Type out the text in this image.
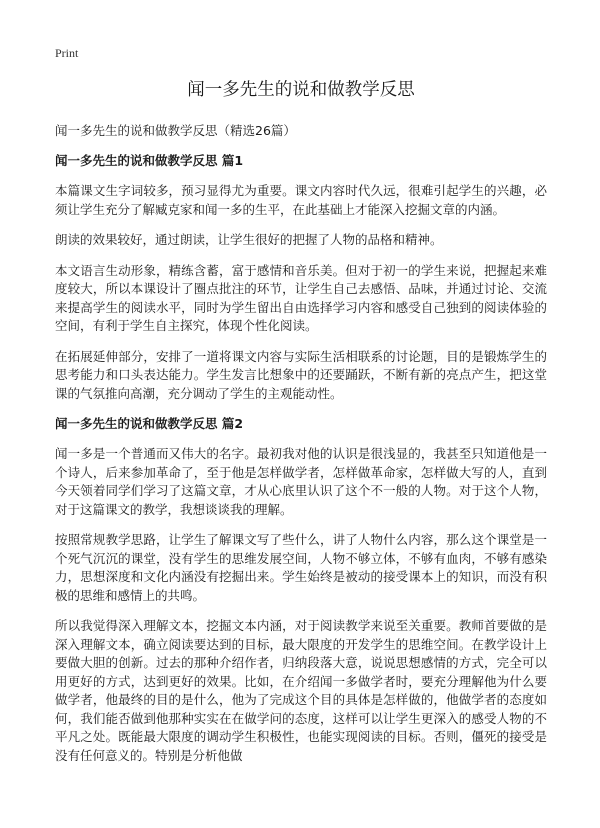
Print
闻一多先生的说和做教学反思
闻一多先生的说和做教学反思（精选26篇）
闻一多先生的说和做教学反思 篇1

本篇课文生字词较多，预习显得尤为重要。课文内容时代久远，很难引起学生的兴趣，必须让学生充分了解臧克家和闻一多的生平，在此基础上才能深入挖掘文章的内涵。

朗读的效果较好，通过朗读，让学生很好的把握了人物的品格和精神。

本文语言生动形象，精练含蓄，富于感情和音乐美。但对于初一的学生来说，把握起来难度较大，所以本课设计了圈点批注的环节，让学生自己去感悟、品味，并通过讨论、交流来提高学生的阅读水平，同时为学生留出自由选择学习内容和感受自己独到的阅读体验的空间，有利于学生自主探究，体现个性化阅读。

在拓展延伸部分，安排了一道将课文内容与实际生活相联系的讨论题，目的是锻炼学生的思考能力和口头表达能力。学生发言比想象中的还要踊跃，不断有新的亮点产生，把这堂课的气氛推向高潮，充分调动了学生的主观能动性。

闻一多先生的说和做教学反思 篇2

闻一多是一个普通而又伟大的名字。最初我对他的认识是很浅显的，我甚至只知道他是一个诗人，后来参加革命了，至于他是怎样做学者，怎样做革命家，怎样做大写的人，直到今天领着同学们学习了这篇文章，才从心底里认识了这个不一般的人物。对于这个人物，对于这篇课文的教学，我想谈谈我的理解。

按照常规教学思路，让学生了解课文写了些什么，讲了人物什么内容，那么这个课堂是一个死气沉沉的课堂，没有学生的思维发展空间，人物不够立体，不够有血肉，不够有感染力，思想深度和文化内涵没有挖掘出来。学生始终是被动的接受课本上的知识，而没有积极的思维和感情上的共鸣。

所以我觉得深入理解文本，挖掘文本内涵，对于阅读教学来说至关重要。教师首要做的是深入理解文本，确立阅读要达到的目标，最大限度的开发学生的思维空间。在教学设计上要做大胆的创新。过去的那种介绍作者，归纳段落大意，说说思想感情的方式，完全可以用更好的方式，达到更好的效果。比如，在介绍闻一多做学者时，要充分理解他为什么要做学者，他最终的目的是什么，他为了完成这个目的具体是怎样做的，他做学者的态度如何，我们能否做到他那种实实在在做学问的态度，这样可以让学生更深入的感受人物的不平凡之处。既能最大限度的调动学生积极性，也能实现阅读的目标。否则，僵死的接受是没有任何意义的。特别是分析他做
